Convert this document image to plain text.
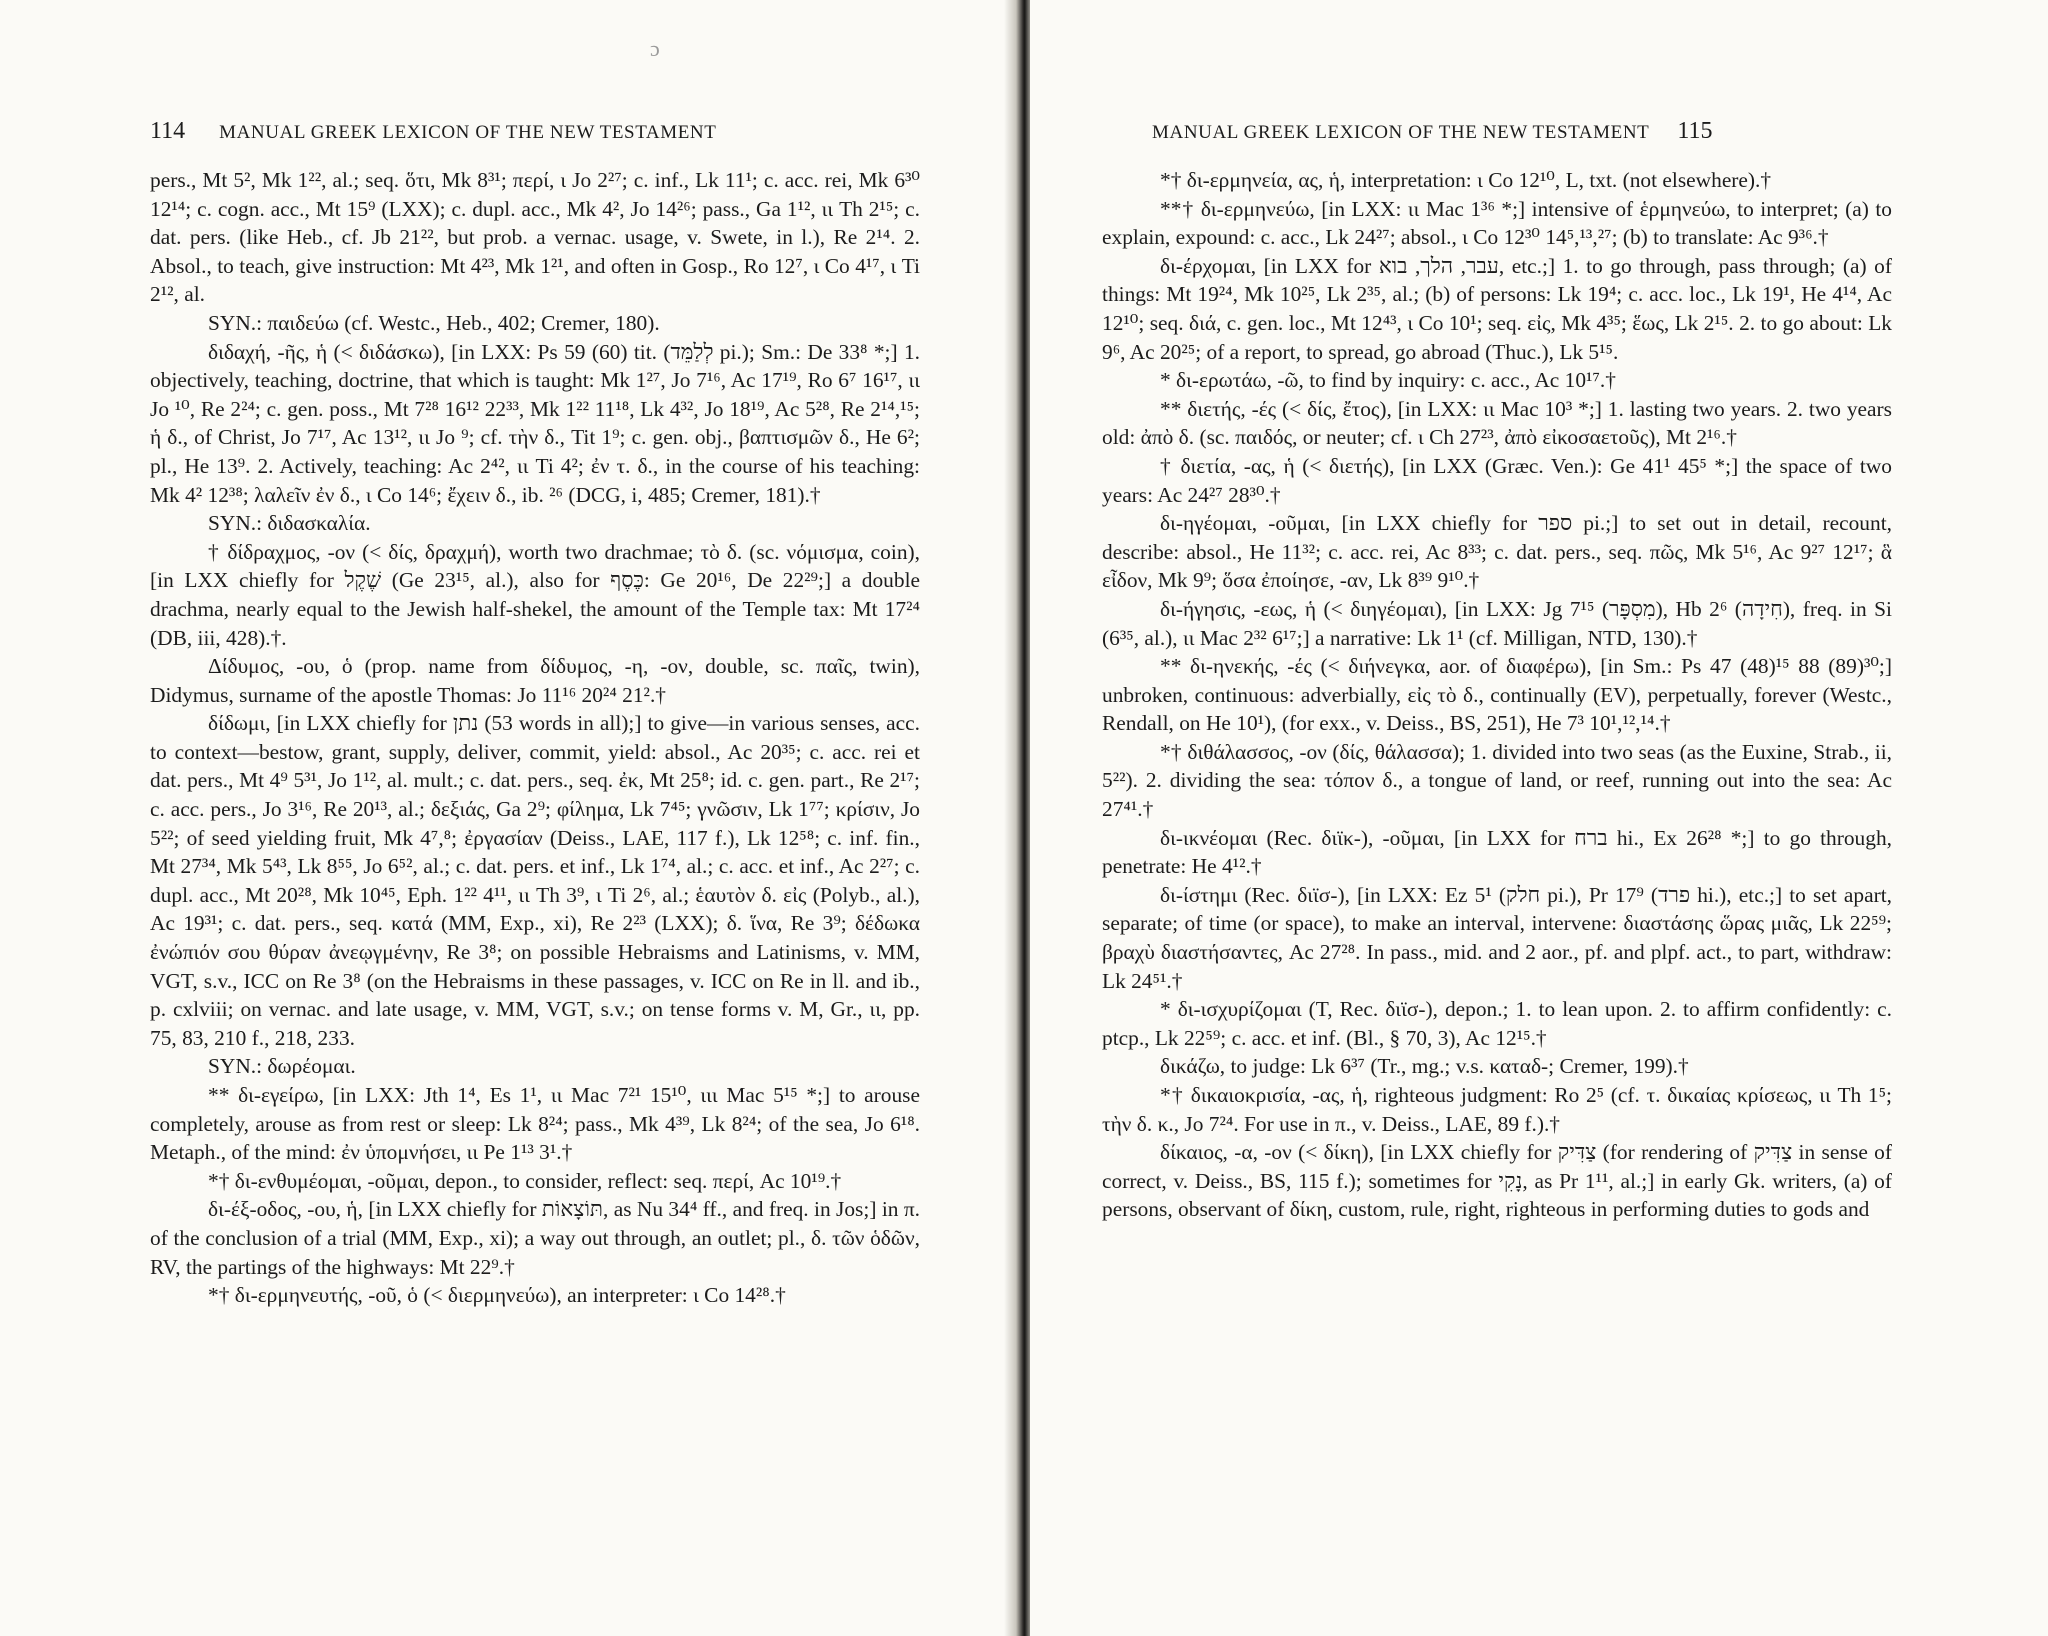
ɔ
114 MANUAL GREEK LEXICON OF THE NEW TESTAMENT

pers., Mt 5², Mk 1²², al.; seq. ὅτι, Mk 8³¹; περί, ι Jo 2²⁷; c. inf., Lk 11¹; c. acc. rei, Mk 6³⁰ 12¹⁴; c. cogn. acc., Mt 15⁹ (LXX); c. dupl. acc., Mk 4², Jo 14²⁶; pass., Ga 1¹², ιι Th 2¹⁵; c. dat. pers. (like Heb., cf. Jb 21²², but prob. a vernac. usage, v. Swete, in l.), Re 2¹⁴. 2. Absol., to teach, give instruction: Mt 4²³, Mk 1²¹, and often in Gosp., Ro 12⁷, ι Co 4¹⁷, ι Ti 2¹², al.

SYN.: παιδεύω (cf. Westc., Heb., 402; Cremer, 180).

διδαχή, -ῆς, ἡ (< διδάσκω), [in LXX: Ps 59 (60) tit. (לְלַמֵּד pi.); Sm.: De 33⁸ *;] 1. objectively, teaching, doctrine, that which is taught: Mk 1²⁷, Jo 7¹⁶, Ac 17¹⁹, Ro 6⁷ 16¹⁷, ιι Jo ¹⁰, Re 2²⁴; c. gen. poss., Mt 7²⁸ 16¹² 22³³, Mk 1²² 11¹⁸, Lk 4³², Jo 18¹⁹, Ac 5²⁸, Re 2¹⁴,¹⁵; ἡ δ., of Christ, Jo 7¹⁷, Ac 13¹², ιι Jo ⁹; cf. τὴν δ., Tit 1⁹; c. gen. obj., βαπτισμῶν δ., He 6²; pl., He 13⁹. 2. Actively, teaching: Ac 2⁴², ιι Ti 4²; ἐν τ. δ., in the course of his teaching: Mk 4² 12³⁸; λαλεῖν ἐν δ., ι Co 14⁶; ἔχειν δ., ib. ²⁶ (DCG, i, 485; Cremer, 181).†

SYN.: διδασκαλία.

† δίδραχμος, -ον (< δίς, δραχμή), worth two drachmae; τὸ δ. (sc. νόμισμα, coin), [in LXX chiefly for שֶׁקֶל (Ge 23¹⁵, al.), also for כֶּסֶף: Ge 20¹⁶, De 22²⁹;] a double drachma, nearly equal to the Jewish half-shekel, the amount of the Temple tax: Mt 17²⁴ (DB, iii, 428).†.

Δίδυμος, -ου, ὁ (prop. name from δίδυμος, -η, -ον, double, sc. παῖς, twin), Didymus, surname of the apostle Thomas: Jo 11¹⁶ 20²⁴ 21².†

δίδωμι, [in LXX chiefly for נתן (53 words in all);] to give—in various senses, acc. to context—bestow, grant, supply, deliver, commit, yield: absol., Ac 20³⁵; c. acc. rei et dat. pers., Mt 4⁹ 5³¹, Jo 1¹², al. mult.; c. dat. pers., seq. ἐκ, Mt 25⁸; id. c. gen. part., Re 2¹⁷; c. acc. pers., Jo 3¹⁶, Re 20¹³, al.; δεξιάς, Ga 2⁹; φίλημα, Lk 7⁴⁵; γνῶσιν, Lk 1⁷⁷; κρίσιν, Jo 5²²; of seed yielding fruit, Mk 4⁷,⁸; ἐργασίαν (Deiss., LAE, 117 f.), Lk 12⁵⁸; c. inf. fin., Mt 27³⁴, Mk 5⁴³, Lk 8⁵⁵, Jo 6⁵², al.; c. dat. pers. et inf., Lk 1⁷⁴, al.; c. acc. et inf., Ac 2²⁷; c. dupl. acc., Mt 20²⁸, Mk 10⁴⁵, Eph. 1²² 4¹¹, ιι Th 3⁹, ι Ti 2⁶, al.; ἑαυτὸν δ. εἰς (Polyb., al.), Ac 19³¹; c. dat. pers., seq. κατά (MM, Exp., xi), Re 2²³ (LXX); δ. ἵνα, Re 3⁹; δέδωκα ἐνώπιόν σου θύραν ἀνεῳγμένην, Re 3⁸; on possible Hebraisms and Latinisms, v. MM, VGT, s.v., ICC on Re 3⁸ (on the Hebraisms in these passages, v. ICC on Re in ll. and ib., p. cxlviii; on vernac. and late usage, v. MM, VGT, s.v.; on tense forms v. M, Gr., ιι, pp. 75, 83, 210 f., 218, 233.

SYN.: δωρέομαι.

** δι-εγείρω, [in LXX: Jth 1⁴, Es 1¹, ιι Mac 7²¹ 15¹⁰, ιιι Mac 5¹⁵ *;] to arouse completely, arouse as from rest or sleep: Lk 8²⁴; pass., Mk 4³⁹, Lk 8²⁴; of the sea, Jo 6¹⁸. Metaph., of the mind: ἐν ὑπομνήσει, ιι Pe 1¹³ 3¹.†

*† δι-ενθυμέομαι, -οῦμαι, depon., to consider, reflect: seq. περί, Ac 10¹⁹.†

δι-έξ-οδος, -ου, ἡ, [in LXX chiefly for תּוֹצָאוֹת, as Nu 34⁴ ff., and freq. in Jos;] in π. of the conclusion of a trial (MM, Exp., xi); a way out through, an outlet; pl., δ. τῶν ὁδῶν, RV, the partings of the highways: Mt 22⁹.†

*† δι-ερμηνευτής, -οῦ, ὁ (< διερμηνεύω), an interpreter: ι Co 14²⁸.†

MANUAL GREEK LEXICON OF THE NEW TESTAMENT 115

*† δι-ερμηνεία, ας, ἡ, interpretation: ι Co 12¹⁰, L, txt. (not elsewhere).†

**† δι-ερμηνεύω, [in LXX: ιι Mac 1³⁶ *;] intensive of ἑρμηνεύω, to interpret; (a) to explain, expound: c. acc., Lk 24²⁷; absol., ι Co 12³⁰ 14⁵,¹³,²⁷; (b) to translate: Ac 9³⁶.†

δι-έρχομαι, [in LXX for עבר, הלך, בוא, etc.;] 1. to go through, pass through; (a) of things: Mt 19²⁴, Mk 10²⁵, Lk 2³⁵, al.; (b) of persons: Lk 19⁴; c. acc. loc., Lk 19¹, He 4¹⁴, Ac 12¹⁰; seq. διά, c. gen. loc., Mt 12⁴³, ι Co 10¹; seq. εἰς, Mk 4³⁵; ἕως, Lk 2¹⁵. 2. to go about: Lk 9⁶, Ac 20²⁵; of a report, to spread, go abroad (Thuc.), Lk 5¹⁵.

* δι-ερωτάω, -ῶ, to find by inquiry: c. acc., Ac 10¹⁷.†

** διετής, -ές (< δίς, ἔτος), [in LXX: ιι Mac 10³ *;] 1. lasting two years. 2. two years old: ἀπὸ δ. (sc. παιδός, or neuter; cf. ι Ch 27²³, ἀπὸ εἰκοσαετοῦς), Mt 2¹⁶.†

† διετία, -ας, ἡ (< διετής), [in LXX (Græc. Ven.): Ge 41¹ 45⁵ *;] the space of two years: Ac 24²⁷ 28³⁰.†

δι-ηγέομαι, -οῦμαι, [in LXX chiefly for ספר pi.;] to set out in detail, recount, describe: absol., He 11³²; c. acc. rei, Ac 8³³; c. dat. pers., seq. πῶς, Mk 5¹⁶, Ac 9²⁷ 12¹⁷; ἃ εἶδον, Mk 9⁹; ὅσα ἐποίησε, -αν, Lk 8³⁹ 9¹⁰.†

δι-ήγησις, -εως, ἡ (< διηγέομαι), [in LXX: Jg 7¹⁵ (מִסְפָּר), Hb 2⁶ (חִידָה), freq. in Si (6³⁵, al.), ιι Mac 2³² 6¹⁷;] a narrative: Lk 1¹ (cf. Milligan, NTD, 130).†

** δι-ηνεκής, -ές (< διήνεγκα, aor. of διαφέρω), [in Sm.: Ps 47 (48)¹⁵ 88 (89)³⁰;] unbroken, continuous: adverbially, εἰς τὸ δ., continually (EV), perpetually, forever (Westc., Rendall, on He 10¹), (for exx., v. Deiss., BS, 251), He 7³ 10¹,¹²,¹⁴.†

*† διθάλασσος, -ον (δίς, θάλασσα); 1. divided into two seas (as the Euxine, Strab., ii, 5²²). 2. dividing the sea: τόπον δ., a tongue of land, or reef, running out into the sea: Ac 27⁴¹.†

δι-ικνέομαι (Rec. διϊκ-), -οῦμαι, [in LXX for ברח hi., Ex 26²⁸ *;] to go through, penetrate: He 4¹².†

δι-ίστημι (Rec. διϊσ-), [in LXX: Ez 5¹ (חלק pi.), Pr 17⁹ (פרד hi.), etc.;] to set apart, separate; of time (or space), to make an interval, intervene: διαστάσης ὥρας μιᾶς, Lk 22⁵⁹; βραχὺ διαστήσαντες, Ac 27²⁸. In pass., mid. and 2 aor., pf. and plpf. act., to part, withdraw: Lk 24⁵¹.†

* δι-ισχυρίζομαι (T, Rec. διϊσ-), depon.; 1. to lean upon. 2. to affirm confidently: c. ptcp., Lk 22⁵⁹; c. acc. et inf. (Bl., § 70, 3), Ac 12¹⁵.†

δικάζω, to judge: Lk 6³⁷ (Tr., mg.; v.s. καταδ-; Cremer, 199).†

*† δικαιοκρισία, -ας, ἡ, righteous judgment: Ro 2⁵ (cf. τ. δικαίας κρίσεως, ιι Th 1⁵; τὴν δ. κ., Jo 7²⁴. For use in π., v. Deiss., LAE, 89 f.).†

δίκαιος, -α, -ον (< δίκη), [in LXX chiefly for צַדִּיק (for rendering of צַדִּיק in sense of correct, v. Deiss., BS, 115 f.); sometimes for נָקִי, as Pr 1¹¹, al.;] in early Gk. writers, (a) of persons, observant of δίκη, custom, rule, right, righteous in performing duties to gods and
